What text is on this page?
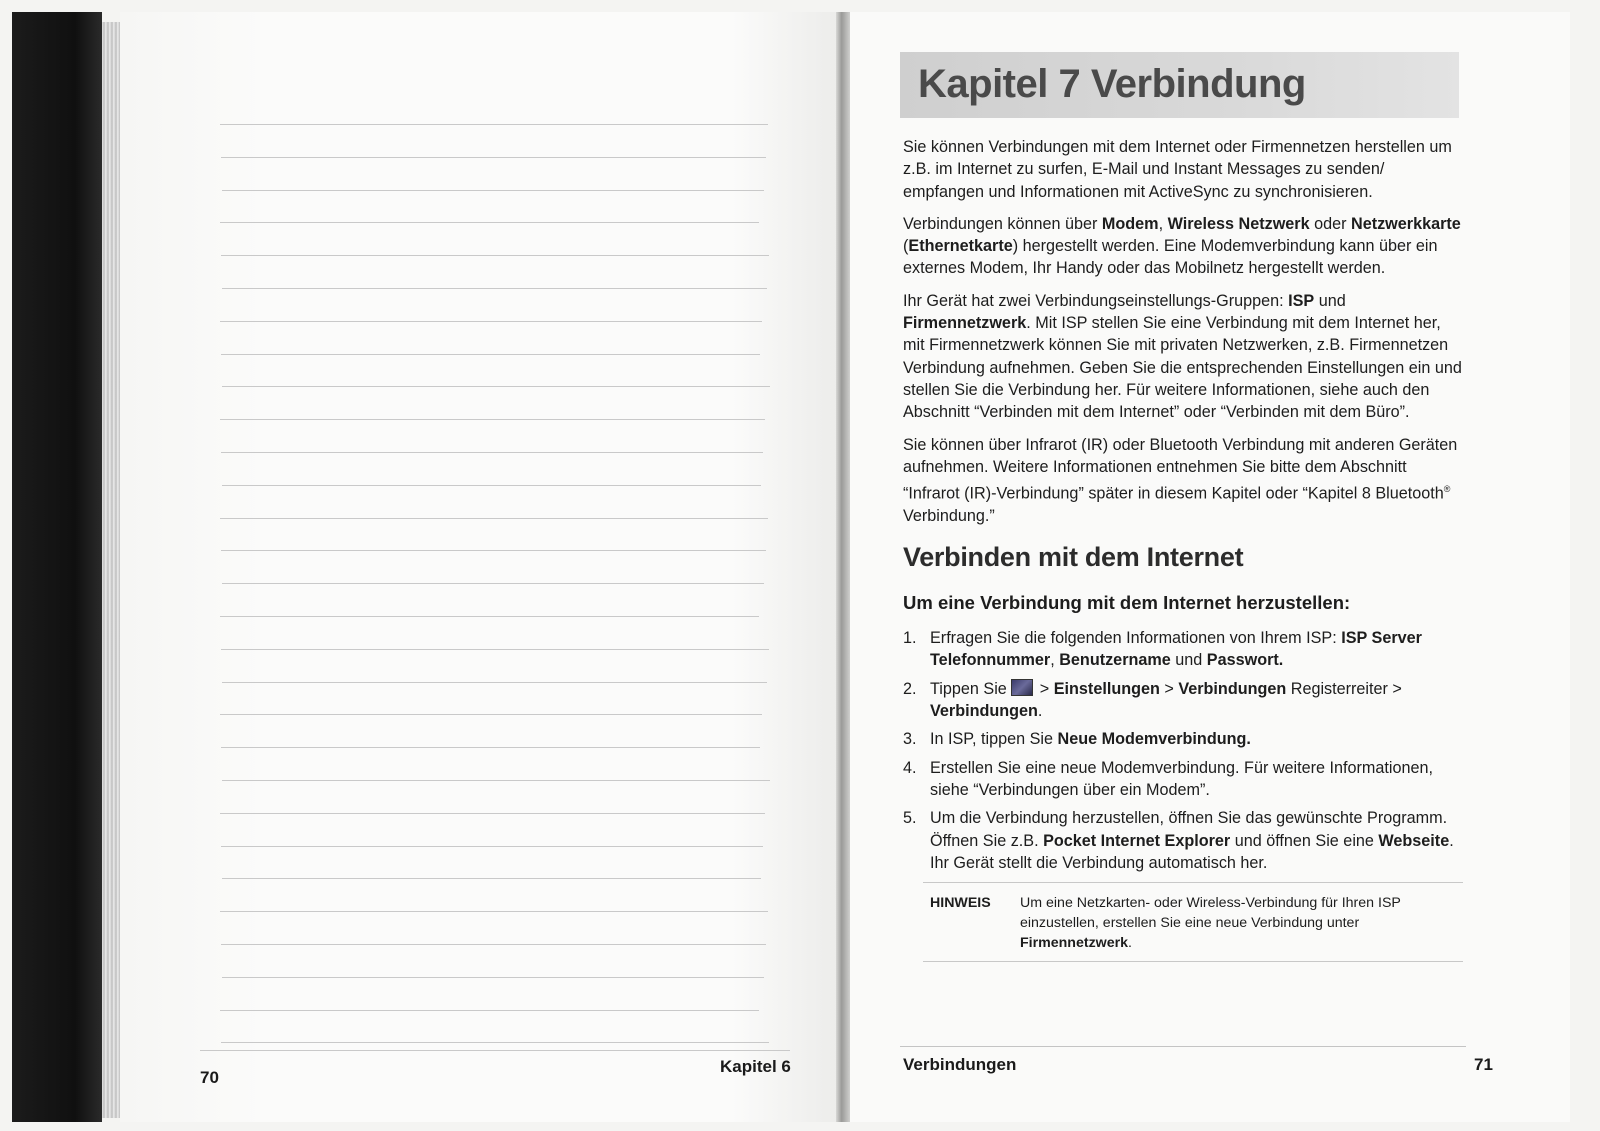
70
Kapitel 6
Kapitel 7 Verbindung

Sie können Verbindungen mit dem Internet oder Firmennetzen herstellen um z.B. im Internet zu surfen, E-Mail und Instant Messages zu senden/ empfangen und Informationen mit ActiveSync zu synchronisieren.

Verbindungen können über Modem, Wireless Netzwerk oder Netzwerkkarte (Ethernetkarte) hergestellt werden. Eine Modemverbindung kann über ein externes Modem, Ihr Handy oder das Mobilnetz hergestellt werden.

Ihr Gerät hat zwei Verbindungseinstellungs-Gruppen: ISP und Firmennetzwerk. Mit ISP stellen Sie eine Verbindung mit dem Internet her, mit Firmennetzwerk können Sie mit privaten Netzwerken, z.B. Firmennetzen Verbindung aufnehmen. Geben Sie die entsprechenden Einstellungen ein und stellen Sie die Verbindung her. Für weitere Informationen, siehe auch den Abschnitt “Verbinden mit dem Internet” oder “Verbinden mit dem Büro”.

Sie können über Infrarot (IR) oder Bluetooth Verbindung mit anderen Geräten aufnehmen. Weitere Informationen entnehmen Sie bitte dem Abschnitt “Infrarot (IR)-Verbindung” später in diesem Kapitel oder “Kapitel 8 Bluetooth® Verbindung.”

Verbinden mit dem Internet
Um eine Verbindung mit dem Internet herzustellen:
1. Erfragen Sie die folgenden Informationen von Ihrem ISP: ISP Server Telefonnummer, Benutzername und Passwort.
2. Tippen Sie  > Einstellungen > Verbindungen Registerreiter > Verbindungen.
3. In ISP, tippen Sie Neue Modemverbindung.
4. Erstellen Sie eine neue Modemverbindung. Für weitere Informationen, siehe “Verbindungen über ein Modem”.
5. Um die Verbindung herzustellen, öffnen Sie das gewünschte Programm. Öffnen Sie z.B. Pocket Internet Explorer und öffnen Sie eine Webseite. Ihr Gerät stellt die Verbindung automatisch her.
HINWEIS	Um eine Netzkarten- oder Wireless-Verbindung für Ihren ISP einzustellen, erstellen Sie eine neue Verbindung unter Firmennetzwerk.
Verbindungen	71
